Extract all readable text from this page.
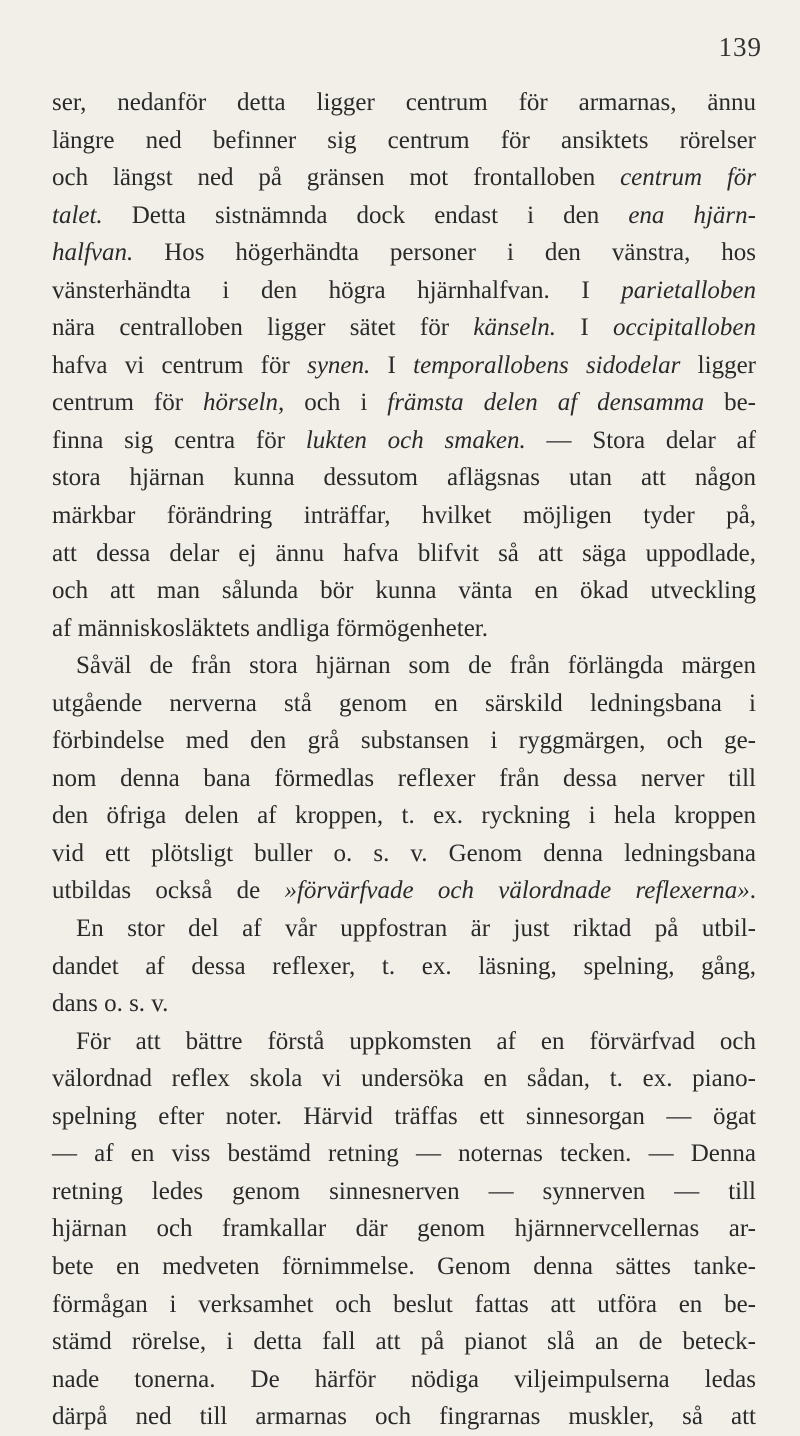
139
ser, nedanför detta ligger centrum för armarnas, ännu
längre ned befinner sig centrum för ansiktets rörelser
och längst ned på gränsen mot frontalloben centrum för
talet. Detta sistnämnda dock endast i den ena hjärn-
halfvan. Hos högerhändta personer i den vänstra, hos
vänsterhändta i den högra hjärnhalfvan. I parietalloben
nära centralloben ligger sätet för känseln. I occipitalloben
hafva vi centrum för synen. I temporallobens sidodelar ligger
centrum för hörseln, och i främsta delen af densamma be-
finna sig centra för lukten och smaken. — Stora delar af
stora hjärnan kunna dessutom aflägsnas utan att någon
märkbar förändring inträffar, hvilket möjligen tyder på,
att dessa delar ej ännu hafva blifvit så att säga uppodlade,
och att man sålunda bör kunna vänta en ökad utveckling
af människosläktets andliga förmögenheter.
Såväl de från stora hjärnan som de från förlängda märgen
utgående nerverna stå genom en särskild ledningsbana i
förbindelse med den grå substansen i ryggmärgen, och ge-
nom denna bana förmedlas reflexer från dessa nerver till
den öfriga delen af kroppen, t. ex. ryckning i hela kroppen
vid ett plötsligt buller o. s. v. Genom denna ledningsbana
utbildas också de »förvärfvade och välordnade reflexerna».
En stor del af vår uppfostran är just riktad på utbil-
dandet af dessa reflexer, t. ex. läsning, spelning, gång,
dans o. s. v.
För att bättre förstå uppkomsten af en förvärfvad och
välordnad reflex skola vi undersöka en sådan, t. ex. piano-
spelning efter noter. Härvid träffas ett sinnesorgan — ögat
— af en viss bestämd retning — noternas tecken. — Denna
retning ledes genom sinnesnerven — synnerven — till
hjärnan och framkallar där genom hjärnnervcellernas ar-
bete en medveten förnimmelse. Genom denna sättes tanke-
förmågan i verksamhet och beslut fattas att utföra en be-
stämd rörelse, i detta fall att på pianot slå an de beteck-
nade tonerna. De härför nödiga viljeimpulserna ledas
därpå ned till armarnas och fingrarnas muskler, så att
